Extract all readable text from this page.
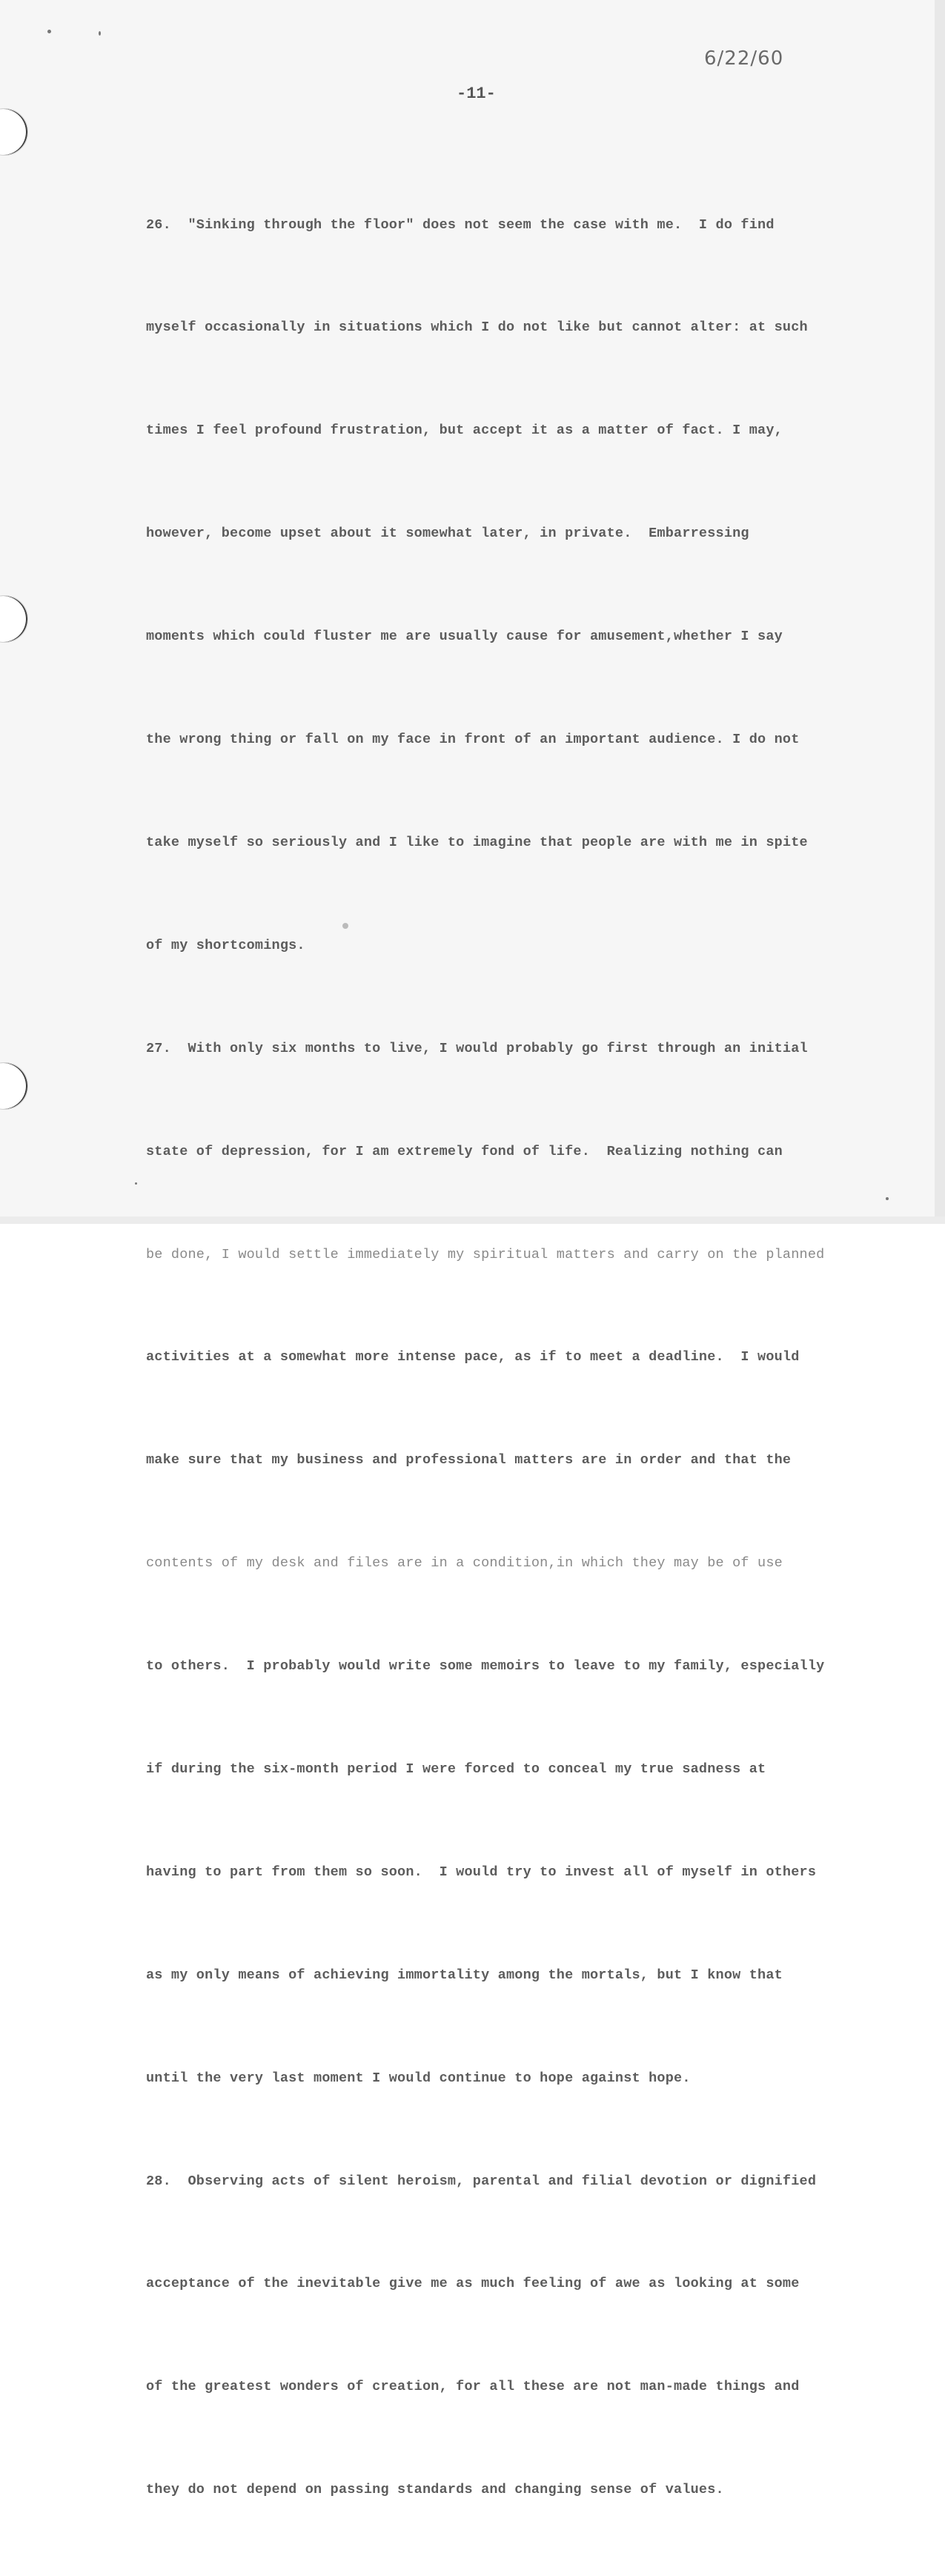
6/22/60

-11-

26.  "Sinking through the floor" does not seem the case with me.  I do find

myself occasionally in situations which I do not like but cannot alter: at such

times I feel profound frustration, but accept it as a matter of fact. I may,

however, become upset about it somewhat later, in private.  Embarressing

moments which could fluster me are usually cause for amusement,whether I say

the wrong thing or fall on my face in front of an important audience. I do not

take myself so seriously and I like to imagine that people are with me in spite

of my shortcomings.

27.  With only six months to live, I would probably go first through an initial

state of depression, for I am extremely fond of life.  Realizing nothing can

be done, I would settle immediately my spiritual matters and carry on the planned

activities at a somewhat more intense pace, as if to meet a deadline.  I would

make sure that my business and professional matters are in order and that the

contents of my desk and files are in a condition,in which they may be of use

to others.  I probably would write some memoirs to leave to my family, especially

if during the six-month period I were forced to conceal my true sadness at

having to part from them so soon.  I would try to invest all of myself in others

as my only means of achieving immortality among the mortals, but I know that

until the very last moment I would continue to hope against hope.

28.  Observing acts of silent heroism, parental and filial devotion or dignified

acceptance of the inevitable give me as much feeling of awe as looking at some

of the greatest wonders of creation, for all these are not man-made things and

they do not depend on passing standards and changing sense of values.
